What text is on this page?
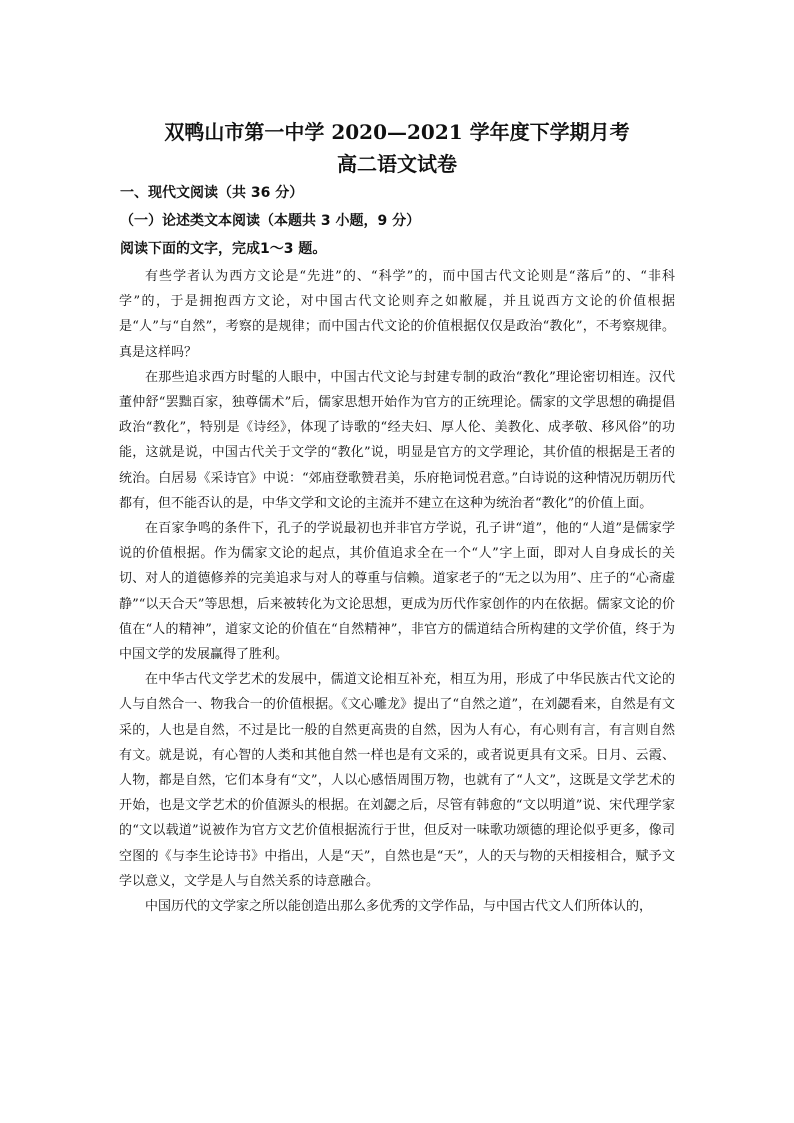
双鸭山市第一中学 2020—2021 学年度下学期月考
高二语文试卷
一、现代文阅读（共 36 分）
（一）论述类文本阅读（本题共 3 小题，9 分）
阅读下面的文字，完成1～3 题。

有些学者认为西方文论是“先进”的、“科学”的，而中国古代文论则是“落后”的、“非科学”的，于是拥抱西方文论，对中国古代文论则弃之如敝屣，并且说西方文论的价值根据是“人”与“自然”，考察的是规律；而中国古代文论的价值根据仅仅是政治“教化”，不考察规律。真是这样吗？

在那些追求西方时髦的人眼中，中国古代文论与封建专制的政治“教化”理论密切相连。汉代董仲舒“罢黜百家，独尊儒术”后，儒家思想开始作为官方的正统理论。儒家的文学思想的确提倡政治“教化”，特别是《诗经》，体现了诗歌的“经夫妇、厚人伦、美教化、成孝敬、移风俗”的功能，这就是说，中国古代关于文学的“教化”说，明显是官方的文学理论，其价值的根据是王者的统治。白居易《采诗官》中说：“郊庙登歌赞君美，乐府艳词悦君意。”白诗说的这种情况历朝历代都有，但不能否认的是，中华文学和文论的主流并不建立在这种为统治者“教化”的价值上面。

在百家争鸣的条件下，孔子的学说最初也并非官方学说，孔子讲“道”，他的“人道”是儒家学说的价值根据。作为儒家文论的起点，其价值追求全在一个“人”字上面，即对人自身成长的关切、对人的道德修养的完美追求与对人的尊重与信赖。道家老子的“无之以为用”、庄子的“心斋虚静”“以天合天”等思想，后来被转化为文论思想，更成为历代作家创作的内在依据。儒家文论的价值在“人的精神”，道家文论的价值在“自然精神”，非官方的儒道结合所构建的文学价值，终于为中国文学的发展赢得了胜利。

在中华古代文学艺术的发展中，儒道文论相互补充，相互为用，形成了中华民族古代文论的人与自然合一、物我合一的价值根据。《文心雕龙》提出了“自然之道”，在刘勰看来，自然是有文采的，人也是自然，不过是比一般的自然更高贵的自然，因为人有心，有心则有言，有言则自然有文。就是说，有心智的人类和其他自然一样也是有文采的，或者说更具有文采。日月、云霞、人物，都是自然，它们本身有“文”，人以心感悟周围万物，也就有了“人文”，这既是文学艺术的开始，也是文学艺术的价值源头的根据。在刘勰之后，尽管有韩愈的“文以明道”说、宋代理学家的“文以载道”说被作为官方文艺价值根据流行于世，但反对一味歌功颂德的理论似乎更多，像司空图的《与李生论诗书》中指出，人是“天”，自然也是“天”，人的天与物的天相接相合，赋予文学以意义，文学是人与自然关系的诗意融合。

中国历代的文学家之所以能创造出那么多优秀的文学作品，与中国古代文人们所体认的，
